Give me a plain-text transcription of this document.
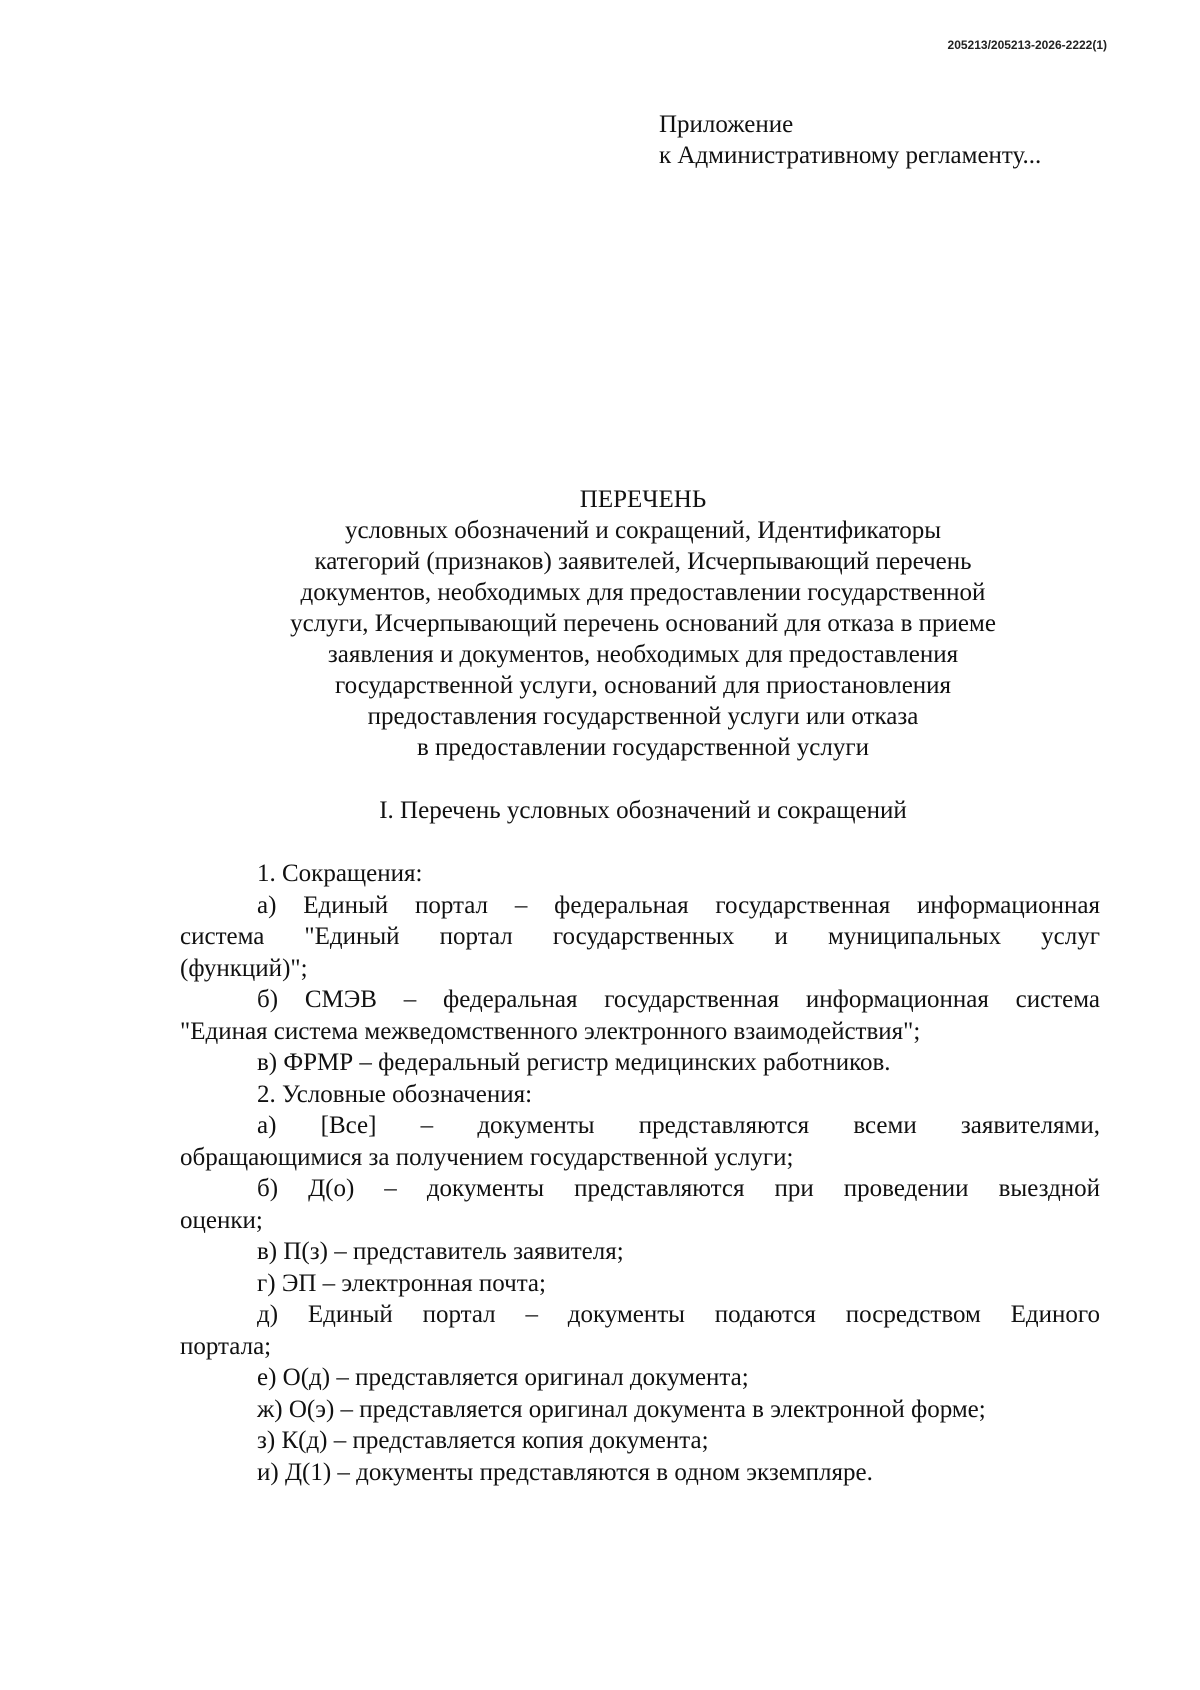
205213/205213-2026-2222(1)
Приложение
к Административному регламенту...
ПЕРЕЧЕНЬ
условных обозначений и сокращений, Идентификаторы
категорий (признаков) заявителей, Исчерпывающий перечень
документов, необходимых для предоставлении государственной
услуги, Исчерпывающий перечень оснований для отказа в приеме
заявления и документов, необходимых для предоставления
государственной услуги, оснований для приостановления
предоставления государственной услуги или отказа
в предоставлении государственной услуги
I. Перечень условных обозначений и сокращений
1. Сокращения:
а) Единый портал – федеральная государственная информационная
система "Единый портал государственных и муниципальных услуг
(функций)";
б) СМЭВ – федеральная государственная информационная система
"Единая система межведомственного электронного взаимодействия";
в) ФРМР – федеральный регистр медицинских работников.
2. Условные обозначения:
а) [Все] – документы представляются всеми заявителями,
обращающимися за получением государственной услуги;
б) Д(о) – документы представляются при проведении выездной
оценки;
в) П(з) – представитель заявителя;
г) ЭП – электронная почта;
д) Единый портал – документы подаются посредством Единого
портала;
е) О(д) – представляется оригинал документа;
ж) О(э) – представляется оригинал документа в электронной форме;
з) К(д) – представляется копия документа;
и) Д(1) – документы представляются в одном экземпляре.
